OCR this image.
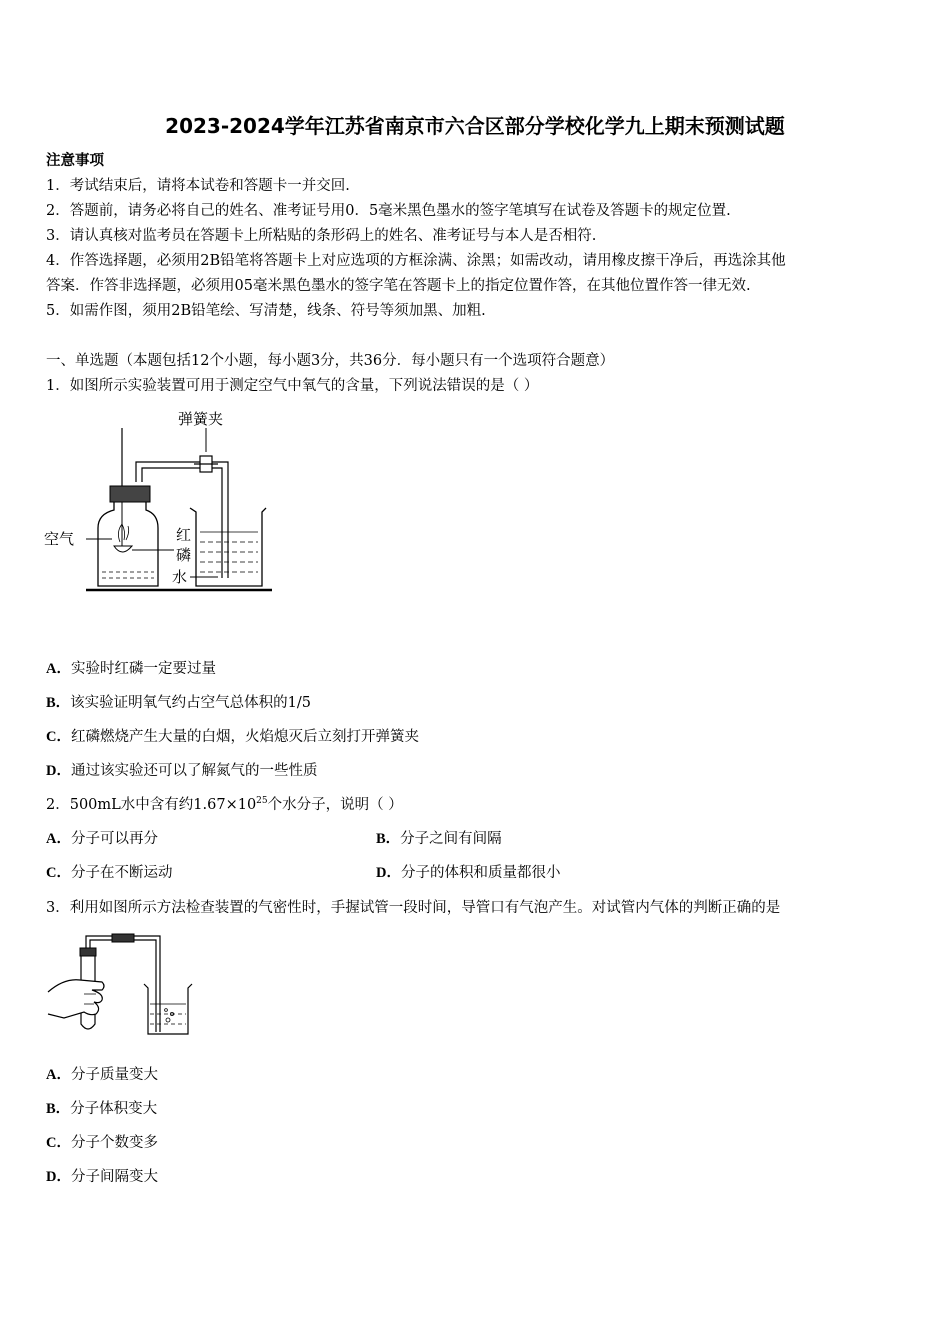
2023-2024学年江苏省南京市六合区部分学校化学九上期末预测试题
注意事项
1．考试结束后，请将本试卷和答题卡一并交回.
2．答题前，请务必将自己的姓名、准考证号用0．5毫米黑色墨水的签字笔填写在试卷及答题卡的规定位置.
3．请认真核对监考员在答题卡上所粘贴的条形码上的姓名、准考证号与本人是否相符.
4．作答选择题，必须用2B铅笔将答题卡上对应选项的方框涂满、涂黑；如需改动，请用橡皮擦干净后，再选涂其他
答案．作答非选择题，必须用05毫米黑色墨水的签字笔在答题卡上的指定位置作答，在其他位置作答一律无效.
5．如需作图，须用2B铅笔绘、写清楚，线条、符号等须加黑、加粗.
一、单选题（本题包括12个小题，每小题3分，共36分．每小题只有一个选项符合题意）
1．如图所示实验装置可用于测定空气中氧气的含量，下列说法错误的是（ ）
弹簧夹
空气	红
磷
水
A．实验时红磷一定要过量
B．该实验证明氧气约占空气总体积的1/5
C．红磷燃烧产生大量的白烟，火焰熄灭后立刻打开弹簧夹
D．通过该实验还可以了解氮气的一些性质
2．500mL水中含有约$1.67\times 10^{25}$个水分子，说明（ ）
A．分子可以再分	B．分子之间有间隔
C．分子在不断运动	D．分子的体积和质量都很小
3．利用如图所示方法检查装置的气密性时，手握试管一段时间，导管口有气泡产生。对试管内气体的判断正确的是
A．分子质量变大
B．分子体积变大
C．分子个数变多
D．分子间隔变大
